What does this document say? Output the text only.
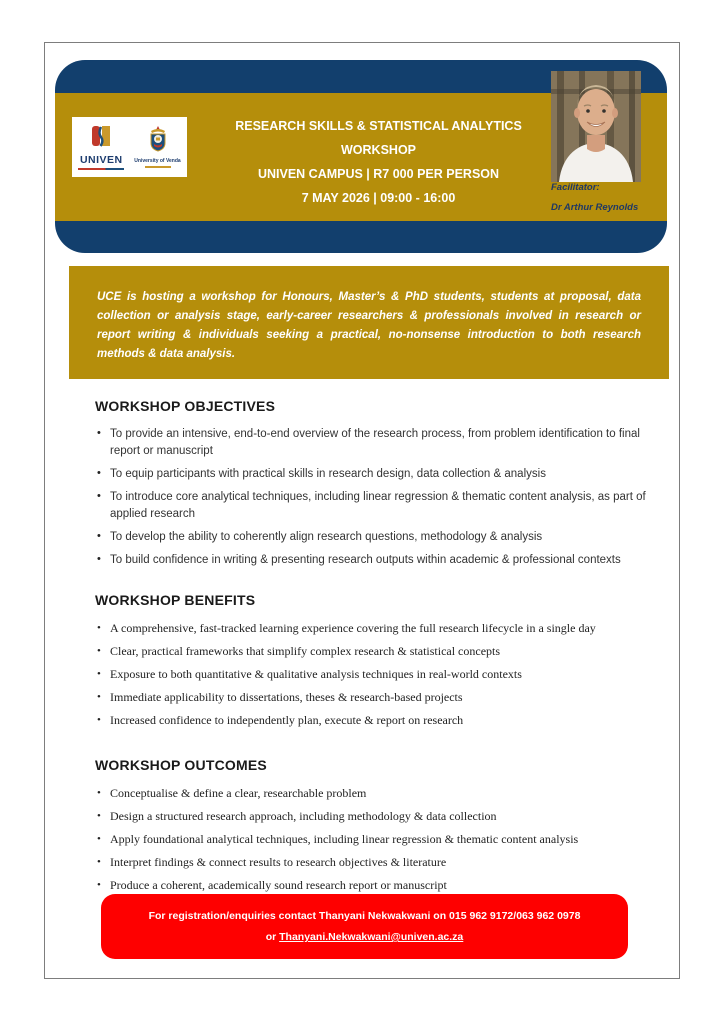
UNIVEN University of Venda
RESEARCH SKILLS & STATISTICAL ANALYTICS
WORKSHOP
UNIVEN CAMPUS | R7 000 PER PERSON
7 MAY 2026 | 09:00 - 16:00
Facilitator:
Dr Arthur Reynolds

UCE is hosting a workshop for Honours, Master’s & PhD students, students at proposal, data collection or analysis stage, early-career researchers & professionals involved in research or report writing & individuals seeking a practical, no-nonsense introduction to both research methods & data analysis.

WORKSHOP OBJECTIVES
• To provide an intensive, end-to-end overview of the research process, from problem identification to final report or manuscript
• To equip participants with practical skills in research design, data collection & analysis
• To introduce core analytical techniques, including linear regression & thematic content analysis, as part of applied research
• To develop the ability to coherently align research questions, methodology & analysis
• To build confidence in writing & presenting research outputs within academic & professional contexts
WORKSHOP BENEFITS
• A comprehensive, fast-tracked learning experience covering the full research lifecycle in a single day
• Clear, practical frameworks that simplify complex research & statistical concepts
• Exposure to both quantitative & qualitative analysis techniques in real-world contexts
• Immediate applicability to dissertations, theses & research-based projects
• Increased confidence to independently plan, execute & report on research
WORKSHOP OUTCOMES
• Conceptualise & define a clear, researchable problem
• Design a structured research approach, including methodology & data collection
• Apply foundational analytical techniques, including linear regression & thematic content analysis
• Interpret findings & connect results to research objectives & literature
• Produce a coherent, academically sound research report or manuscript
For registration/enquiries contact Thanyani Nekwakwani on 015 962 9172/063 962 0978
or Thanyani.Nekwakwani@univen.ac.za
